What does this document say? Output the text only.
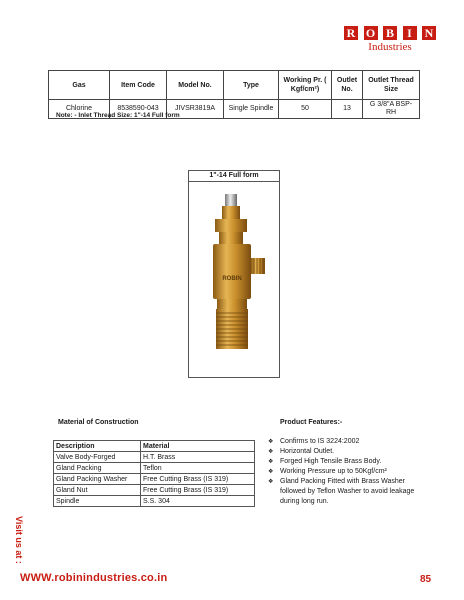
R O B	I	N
Industries
Gas	Item Code	Model No.	Type	Working Pr. ( Kgf/cm²)	Outlet No.	Outlet Thread Size
Chlorine	8538590-043	JIVSR3819A	Single Spindle	50	13	G 3/8"A BSP-RH
Note: - Inlet Thread Size: 1"-14 Full form
1"-14 Full form
ROBIN
Material of Construction	Product Features:-
Description	Material
Valve Body-Forged	H.T. Brass
Gland Packing	Teflon
Gland Packing Washer	Free Cutting Brass (IS 319)
Gland Nut	Free Cutting Brass (IS 319)
Spindle	S.S. 304
❖ Confirms to IS 3224:2002
❖ Horizontal Outlet.
❖ Forged High Tensile Brass Body.
❖ Working Pressure up to 50Kgf/cm²
❖ Gland Packing Fitted with Brass Washer followed by Teflon Washer to avoid leakage during long run.
Visit us at :
WWW.robinindustries.co.in	85
